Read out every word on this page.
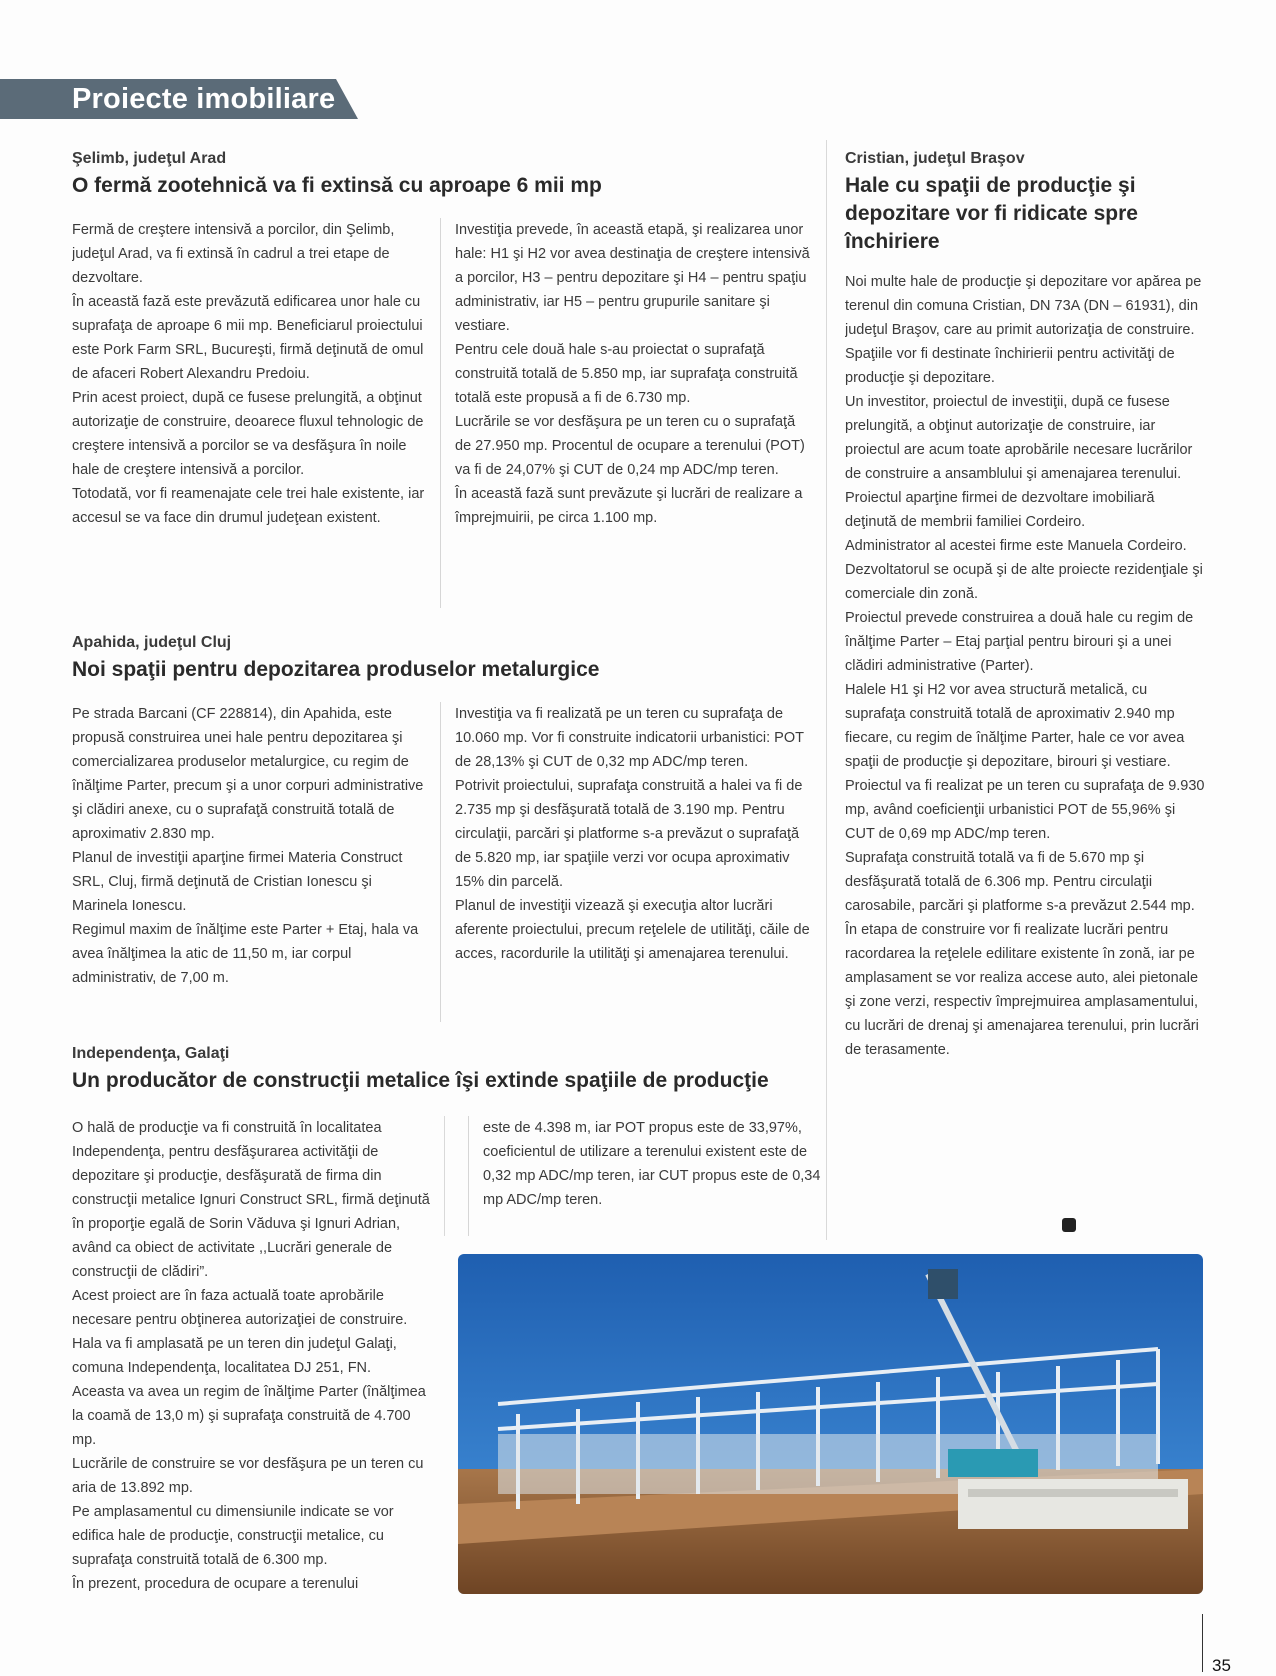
Proiecte imobiliare
Şelimb, judeţul Arad
O fermă zootehnică va fi extinsă cu aproape 6 mii mp
Fermă de creştere intensivă a porcilor, din Şelimb, judeţul Arad, va fi extinsă în cadrul a trei etape de dezvoltare.
În această fază este prevăzută edificarea unor hale cu suprafaţa de aproape 6 mii mp. Beneficiarul proiectului este Pork Farm SRL, Bucureşti, firmă deţinută de omul de afaceri Robert Alexandru Predoiu.
Prin acest proiect, după ce fusese prelungită, a obţinut autorizaţie de construire, deoarece fluxul tehnologic de creştere intensivă a porcilor se va desfăşura în noile hale de creştere intensivă a porcilor.
Totodată, vor fi reamenajate cele trei hale existente, iar accesul se va face din drumul judeţean existent.
Investiţia prevede, în această etapă, şi realizarea unor hale: H1 şi H2 vor avea destinaţia de creştere intensivă a porcilor, H3 – pentru depozitare şi H4 – pentru spaţiu administrativ, iar H5 – pentru grupurile sanitare şi vestiare.
Pentru cele două hale s-au proiectat o suprafaţă construită totală de 5.850 mp, iar suprafaţa construită totală este propusă a fi de 6.730 mp.
Lucrările se vor desfăşura pe un teren cu o suprafaţă de 27.950 mp. Procentul de ocupare a terenului (POT) va fi de 24,07% şi CUT de 0,24 mp ADC/mp teren.
În această fază sunt prevăzute şi lucrări de realizare a împrejmuirii, pe circa 1.100 mp.
Apahida, judeţul Cluj
Noi spaţii pentru depozitarea produselor metalurgice
Pe strada Barcani (CF 228814), din Apahida, este propusă construirea unei hale pentru depozitarea şi comercializarea produselor metalurgice, cu regim de înălţime Parter, precum şi a unor corpuri administrative şi clădiri anexe, cu o suprafaţă construită totală de aproximativ 2.830 mp.
Planul de investiţii aparţine firmei Materia Construct SRL, Cluj, firmă deţinută de Cristian Ionescu şi Marinela Ionescu.
Regimul maxim de înălţime este Parter + Etaj, hala va avea înălţimea la atic de 11,50 m, iar corpul administrativ, de 7,00 m.
Investiţia va fi realizată pe un teren cu suprafaţa de 10.060 mp. Vor fi construite indicatorii urbanistici: POT de 28,13% şi CUT de 0,32 mp ADC/mp teren.
Potrivit proiectului, suprafaţa construită a halei va fi de 2.735 mp şi desfăşurată totală de 3.190 mp. Pentru circulaţii, parcări şi platforme s-a prevăzut o suprafaţă de 5.820 mp, iar spaţiile verzi vor ocupa aproximativ 15% din parcelă.
Planul de investiţii vizează şi execuţia altor lucrări aferente proiectului, precum reţelele de utilităţi, căile de acces, racordurile la utilităţi şi amenajarea terenului.
Independenţa, Galaţi
Un producător de construcţii metalice îşi extinde spaţiile de producţie
O hală de producţie va fi construită în localitatea Independenţa, pentru desfăşurarea activităţii de depozitare şi producţie, desfăşurată de firma din construcţii metalice Ignuri Construct SRL, firmă deţinută în proporţie egală de Sorin Văduva şi Ignuri Adrian, având ca obiect de activitate ,,Lucrări generale de construcţii de clădiri”.
Acest proiect are în faza actuală toate aprobările necesare pentru obţinerea autorizaţiei de construire.
Hala va fi amplasată pe un teren din judeţul Galaţi, comuna Independenţa, localitatea DJ 251, FN.
Aceasta va avea un regim de înălţime Parter (înălţimea la coamă de 13,0 m) şi suprafaţa construită de 4.700 mp.
Lucrările de construire se vor desfăşura pe un teren cu aria de 13.892 mp.
Pe amplasamentul cu dimensiunile indicate se vor edifica hale de producţie, construcţii metalice, cu suprafaţa construită totală de 6.300 mp.
În prezent, procedura de ocupare a terenului
este de 4.398 m, iar POT propus este de 33,97%, coeficientul de utilizare a terenului existent este de 0,32 mp ADC/mp teren, iar CUT propus este de 0,34 mp ADC/mp teren.
Cristian, judeţul Braşov
Hale cu spaţii de producţie şi depozitare vor fi ridicate spre închiriere
Noi multe hale de producţie şi depozitare vor apărea pe terenul din comuna Cristian, DN 73A (DN – 61931), din judeţul Braşov, care au primit autorizaţia de construire. Spaţiile vor fi destinate închirierii pentru activităţi de producţie şi depozitare.
Un investitor, proiectul de investiţii, după ce fusese prelungită, a obţinut autorizaţie de construire, iar proiectul are acum toate aprobările necesare lucrărilor de construire a ansamblului şi amenajarea terenului.
Proiectul aparţine firmei de dezvoltare imobiliară deţinută de membrii familiei Cordeiro.
Administrator al acestei firme este Manuela Cordeiro. Dezvoltatorul se ocupă şi de alte proiecte rezidenţiale şi comerciale din zonă.
Proiectul prevede construirea a două hale cu regim de înălţime Parter – Etaj parţial pentru birouri şi a unei clădiri administrative (Parter).
Halele H1 şi H2 vor avea structură metalică, cu suprafaţa construită totală de aproximativ 2.940 mp fiecare, cu regim de înălţime Parter, hale ce vor avea spaţii de producţie şi depozitare, birouri şi vestiare.
Proiectul va fi realizat pe un teren cu suprafaţa de 9.930 mp, având coeficienţii urbanistici POT de 55,96% şi CUT de 0,69 mp ADC/mp teren.
Suprafaţa construită totală va fi de 5.670 mp şi desfăşurată totală de 6.306 mp. Pentru circulaţii carosabile, parcări şi platforme s-a prevăzut 2.544 mp.
În etapa de construire vor fi realizate lucrări pentru racordarea la reţelele edilitare existente în zonă, iar pe amplasament se vor realiza accese auto, alei pietonale şi zone verzi, respectiv împrejmuirea amplasamentului, cu lucrări de drenaj şi amenajarea terenului, prin lucrări de terasamente.
35
